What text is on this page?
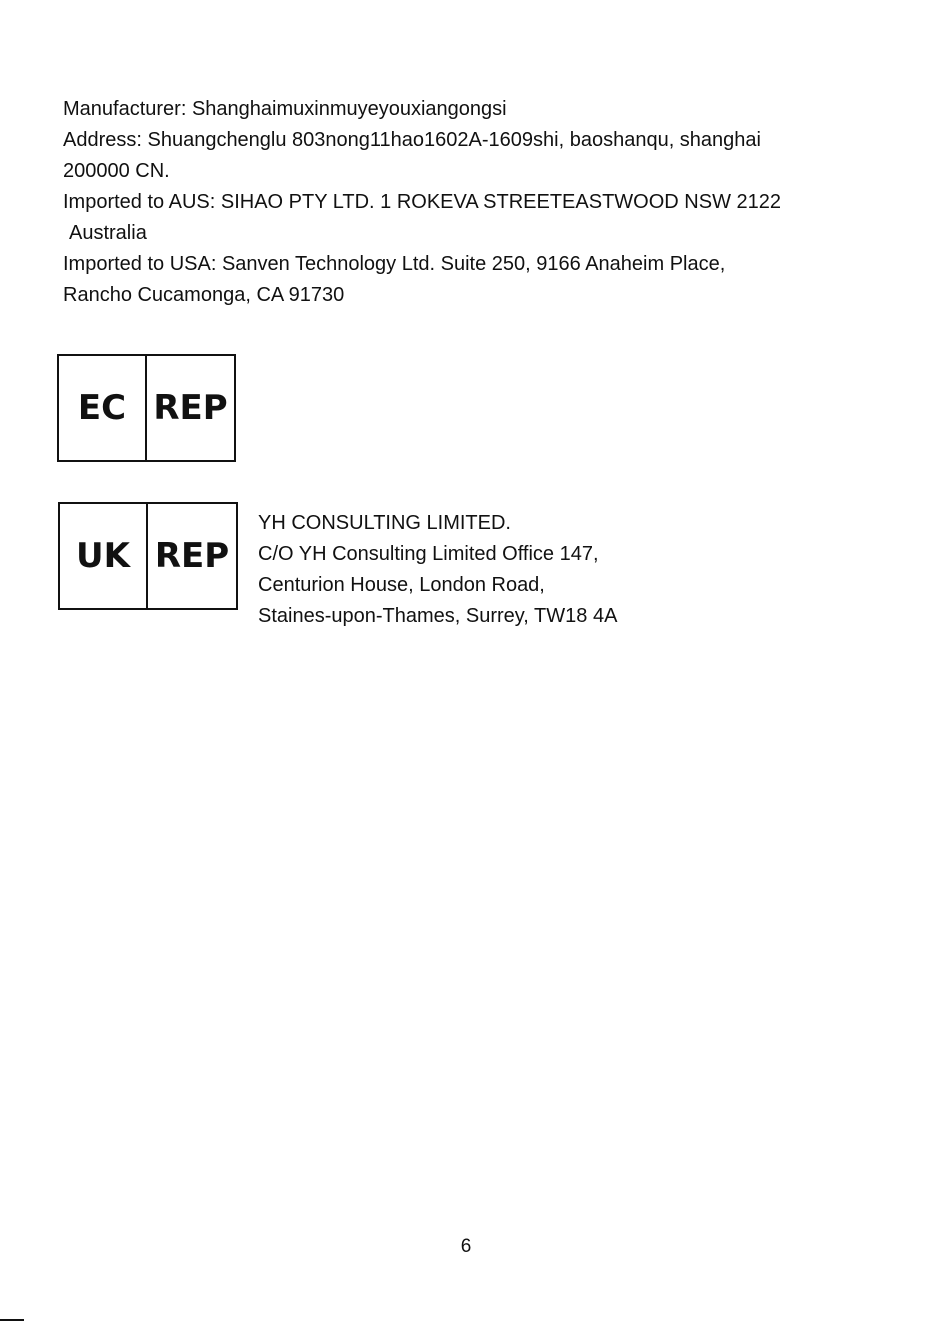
Manufacturer: Shanghaimuxinmuyeyouxiangongsi
Address: Shuangchenglu 803nong11hao1602A-1609shi, baoshanqu, shanghai
200000 CN.
Imported to AUS: SIHAO PTY LTD. 1 ROKEVA STREETEASTWOOD NSW 2122
Australia
Imported to USA: Sanven Technology Ltd. Suite 250, 9166 Anaheim Place,
Rancho Cucamonga, CA 91730
EC REP
UK REP
YH CONSULTING LIMITED.
C/O YH Consulting Limited Office 147,
Centurion House, London Road,
Staines-upon-Thames, Surrey, TW18 4A
6
